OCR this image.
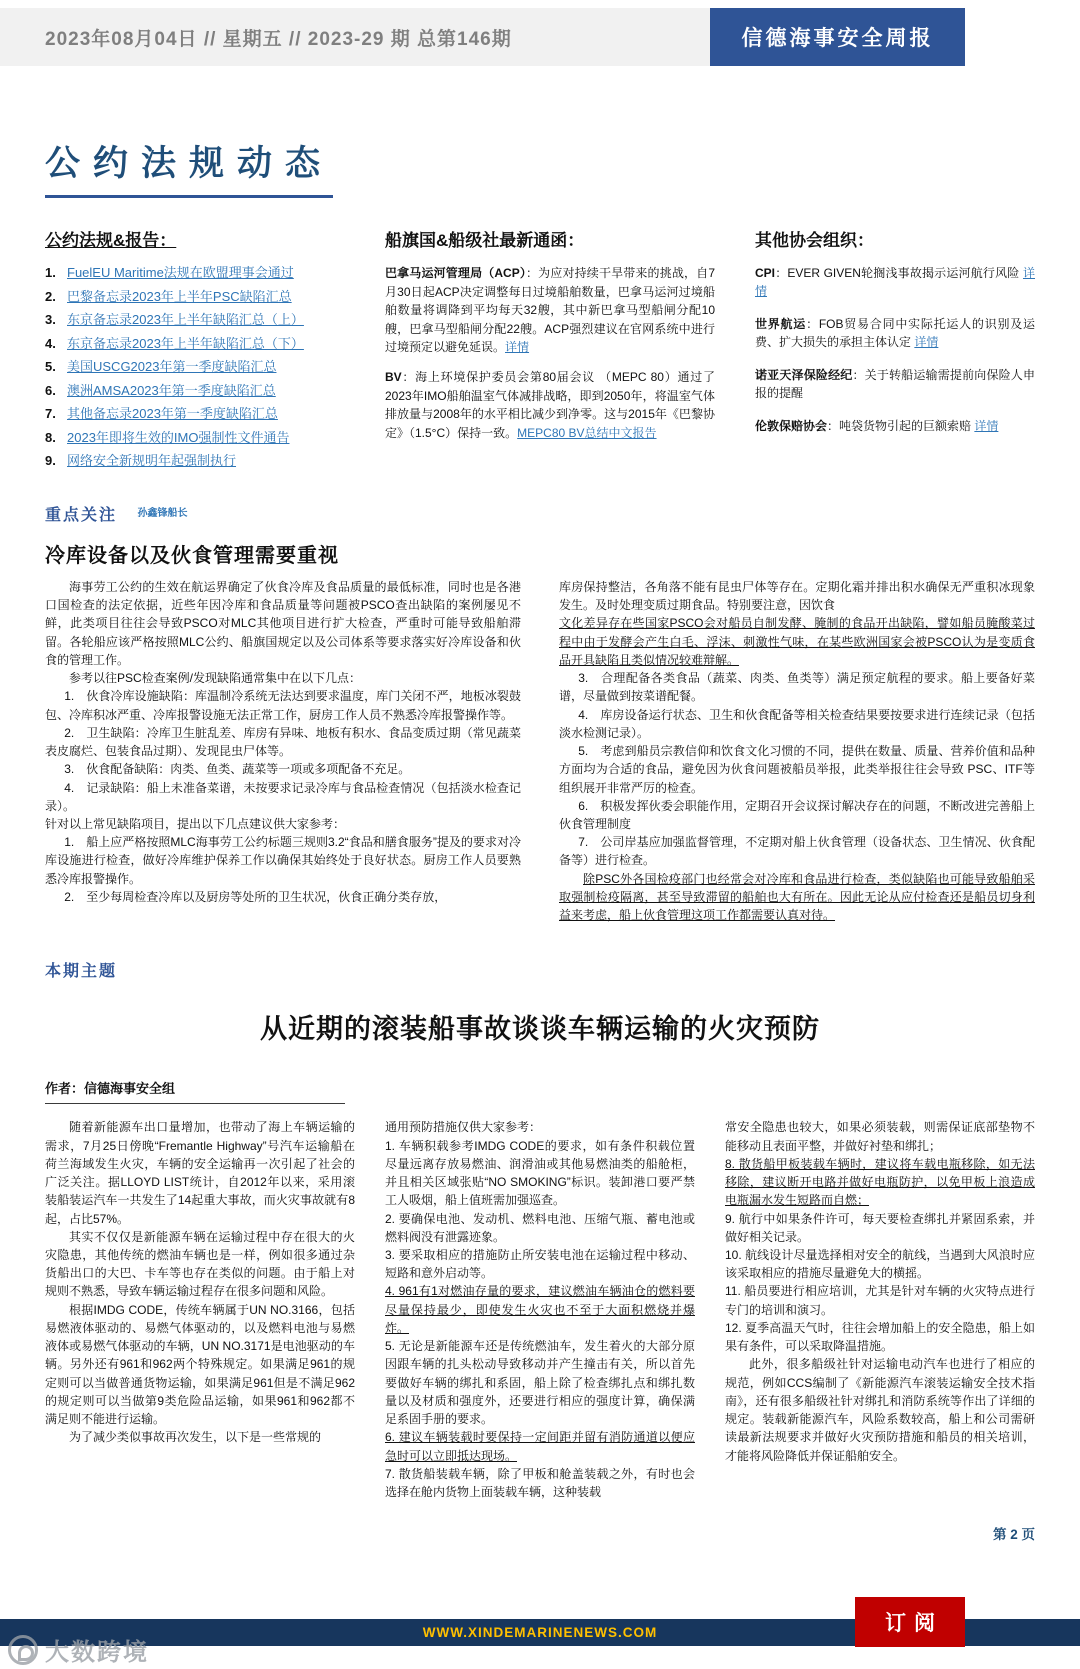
2023年08月04日 // 星期五 // 2023-29 期 总第146期	信德海事安全周报
公约法规动态
公约法规&报告：
1. FuelEU Maritime法规在欧盟理事会通过
2. 巴黎备忘录2023年上半年PSC缺陷汇总
3. 东京备忘录2023年上半年缺陷汇总（上）
4. 东京备忘录2023年上半年缺陷汇总（下）
5. 美国USCG2023年第一季度缺陷汇总
6. 澳洲AMSA2023年第一季度缺陷汇总
7. 其他备忘录2023年第一季度缺陷汇总
8. 2023年即将生效的IMO强制性文件通告
9. 网络安全新规明年起强制执行
船旗国&船级社最新通函：

巴拿马运河管理局（ACP）：为应对持续干旱带来的挑战，自7月30日起ACP决定调整每日过境船舶数量，巴拿马运河过境船舶数量将调降到平均每天32艘，其中新巴拿马型船闸分配10艘，巴拿马型船闸分配22艘。ACP强烈建议在官网系统中进行过境预定以避免延误。详情

BV：海上环境保护委员会第80届会议 （MEPC 80）通过了2023年IMO船舶温室气体减排战略，即到2050年，将温室气体排放量与2008年的水平相比减少到净零。这与2015年《巴黎协定》（1.5°C）保持一致。MEPC80 BV总结中文报告

其他协会组织：
CPI：EVER GIVEN轮搁浅事故揭示运河航行风险 详情
世界航运：FOB贸易合同中实际托运人的识别及运费、扩大损失的承担主体认定 详情
诺亚天泽保险经纪：关于转船运输需提前向保险人申报的提醒
伦敦保赔协会：吨袋货物引起的巨额索赔 详情
重点关注 $^{孙鑫锋船长}$
冷库设备以及伙食管理需要重视

海事劳工公约的生效在航运界确定了伙食冷库及食品质量的最低标准，同时也是各港口国检查的法定依据，近些年因冷库和食品质量等问题被PSCO查出缺陷的案例屡见不鲜，此类项目往往会导致PSCO对MLC其他项目进行扩大检查，严重时可能导致船舶滞留。各轮船应该严格按照MLC公约、船旗国规定以及公司体系等要求落实好冷库设备和伙食的管理工作。

参考以往PSC检查案例/发现缺陷通常集中在以下几点：

1.　伙食冷库设施缺陷：库温制冷系统无法达到要求温度，库门关闭不严，地板冰裂鼓包、冷库积冰严重、冷库报警设施无法正常工作，厨房工作人员不熟悉冷库报警操作等。

2.　卫生缺陷：冷库卫生脏乱差、库房有异味、地板有积水、食品变质过期（常见蔬菜表皮腐烂、包装食品过期）、发现昆虫尸体等。

3.　伙食配备缺陷：肉类、鱼类、蔬菜等一项或多项配备不充足。

4.　记录缺陷：船上未准备菜谱，未按要求记录冷库与食品检查情况（包括淡水检查记录）。

针对以上常见缺陷项目，提出以下几点建议供大家参考：

1.　船上应严格按照MLC海事劳工公约标题三规则3.2“食品和膳食服务”提及的要求对冷库设施进行检查，做好冷库维护保养工作以确保其始终处于良好状态。厨房工作人员要熟悉冷库报警操作。

2.　至少每周检查冷库以及厨房等处所的卫生状况，伙食正确分类存放，

库房保持整洁，各角落不能有昆虫尸体等存在。定期化霜并排出积水确保无严重积冰现象发生。及时处理变质过期食品。特别要注意，因饮食

文化差异存在些国家PSCO会对船员自制发酵、腌制的食品开出缺陷，譬如船员腌酸菜过程中由于发酵会产生白毛、浮沫、刺激性气味，在某些欧洲国家会被PSCO认为是变质食品开具缺陷且类似情况较难辩解。

3.　合理配备各类食品（蔬菜、肉类、鱼类等）满足预定航程的要求。船上要备好菜谱，尽量做到按菜谱配餐。

4.　库房设备运行状态、卫生和伙食配备等相关检查结果要按要求进行连续记录（包括淡水检测记录）。

5.　考虑到船员宗教信仰和饮食文化习惯的不同，提供在数量、质量、营养价值和品种方面均为合适的食品，避免因为伙食问题被船员举报，此类举报往往会导致 PSC、ITF等组织展开非常严厉的检查。

6.　积极发挥伙委会职能作用，定期召开会议探讨解决存在的问题，不断改进完善船上伙食管理制度

7.　公司岸基应加强监督管理，不定期对船上伙食管理（设备状态、卫生情况、伙食配备等）进行检查。

除PSC外各国检疫部门也经常会对冷库和食品进行检查，类似缺陷也可能导致船舶采取强制检疫隔离，甚至导致滞留的船舶也大有所在。因此无论从应付检查还是船员切身利益来考虑，船上伙食管理这项工作都需要认真对待。

本期主题
从近期的滚装船事故谈谈车辆运输的火灾预防
作者：信德海事安全组

随着新能源车出口量增加，也带动了海上车辆运输的需求，7月25日傍晚“Fremantle Highway”号汽车运输船在荷兰海域发生火灾，车辆的安全运输再一次引起了社会的广泛关注。据LLOYD LIST统计，自2012年以来，采用滚装船装运汽车一共发生了14起重大事故，而火灾事故就有8起，占比57%。

其实不仅仅是新能源车辆在运输过程中存在很大的火灾隐患，其他传统的燃油车辆也是一样，例如很多通过杂货船出口的大巴、卡车等也存在类似的问题。由于船上对规则不熟悉，导致车辆运输过程存在很多问题和风险。

根据IMDG CODE，传统车辆属于UN NO.3166，包括易燃液体驱动的、易燃气体驱动的，以及燃料电池与易燃液体或易燃气体驱动的车辆，UN NO.3171是电池驱动的车辆。另外还有961和962两个特殊规定。如果满足961的规定则可以当做普通货物运输，如果满足961但是不满足962的规定则可以当做第9类危险品运输，如果961和962都不满足则不能进行运输。

为了减少类似事故再次发生，以下是一些常规的

通用预防措施仅供大家参考：

1. 车辆积载参考IMDG CODE的要求，如有条件积载位置尽量远离存放易燃油、润滑油或其他易燃油类的船舱柜，并且相关区域张贴“NO SMOKING”标识。装卸港口要严禁工人吸烟，船上值班需加强巡查。

2. 要确保电池、发动机、燃料电池、压缩气瓶、蓄电池或燃料阀没有泄露迹象。

3. 要采取相应的措施防止所安装电池在运输过程中移动、短路和意外启动等。

4. 961有1对燃油存量的要求，建议燃油车辆油仓的燃料要尽量保持最少，即使发生火灾也不至于大面积燃烧并爆炸。

5. 无论是新能源车还是传统燃油车，发生着火的大部分原因跟车辆的扎头松动导致移动并产生撞击有关，所以首先要做好车辆的绑扎和系固，船上除了检查绑扎点和绑扎数量以及材质和强度外，还要进行相应的强度计算，确保满足系固手册的要求。

6. 建议车辆装载时要保持一定间距并留有消防通道以便应急时可以立即抵达现场。

7. 散货船装载车辆，除了甲板和舱盖装载之外，有时也会选择在舱内货物上面装载车辆，这种装载

常安全隐患也较大，如果必须装载，则需保证底部垫物不能移动且表面平整，并做好衬垫和绑扎；

8. 散货船甲板装载车辆时，建议将车载电瓶移除，如无法移除，建议断开电路并做好电瓶防护，以免甲板上浪造成电瓶漏水发生短路而自燃；

9. 航行中如果条件许可，每天要检查绑扎并紧固系索，并做好相关记录。

10. 航线设计尽量选择相对安全的航线，当遇到大风浪时应该采取相应的措施尽量避免大的横摇。

11. 船员要进行相应培训，尤其是针对车辆的火灾特点进行专门的培训和演习。

12. 夏季高温天气时，往往会增加船上的安全隐患，船上如果有条件，可以采取降温措施。

此外，很多船级社针对运输电动汽车也进行了相应的规范，例如CCS编制了《新能源汽车滚装运输安全技术指南》，还有很多船级社针对绑扎和消防系统等作出了详细的规定。装载新能源汽车，风险系数较高，船上和公司需研读最新法规要求并做好火灾预防措施和船员的相关培训，才能将风险降低并保证船舶安全。

第 2 页
WWW.XINDEMARINENEWS.COM	订阅
大数跨境
